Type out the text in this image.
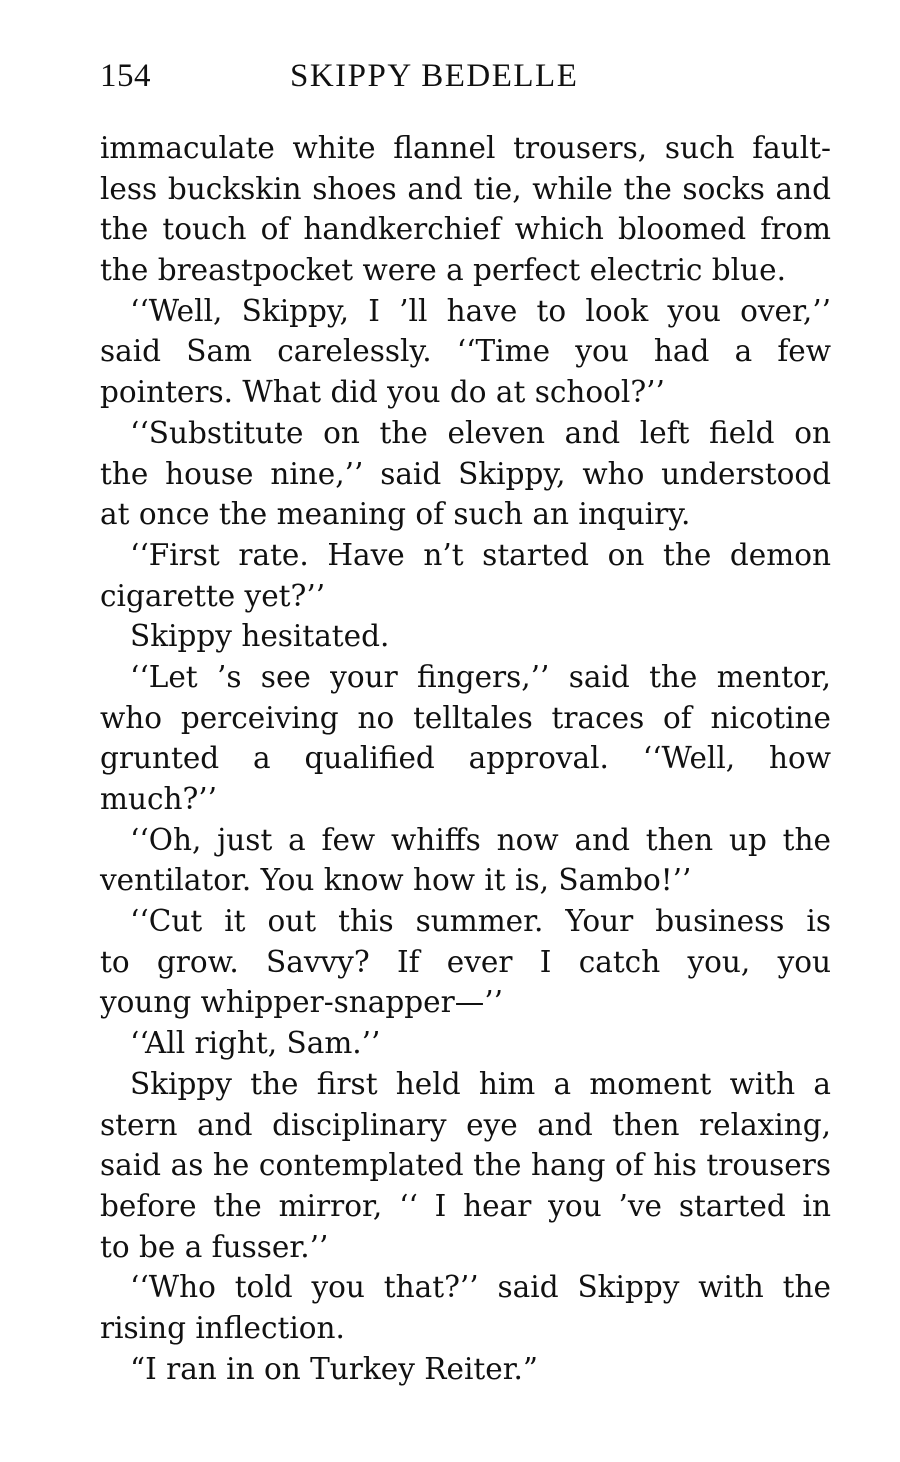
154	SKIPPY BEDELLE
immaculate white flannel trousers, such fault-
less buckskin shoes and tie, while the socks and
the touch of handkerchief which bloomed from
the breastpocket were a perfect electric blue.
‘‘Well, Skippy, I ’ll have to look you over,’’
said Sam carelessly. ‘‘Time you had a few
pointers. What did you do at school?’’
‘‘Substitute on the eleven and left field on
the house nine,’’ said Skippy, who understood
at once the meaning of such an inquiry.
‘‘First rate. Have n’t started on the demon
cigarette yet?’’
Skippy hesitated.
‘‘Let ’s see your fingers,’’ said the mentor,
who perceiving no telltales traces of nicotine
grunted a qualified approval. ‘‘Well, how
much?’’
‘‘Oh, just a few whiffs now and then up the
ventilator. You know how it is, Sambo!’’
‘‘Cut it out this summer. Your business is
to grow. Savvy? If ever I catch you, you
young whipper-snapper—’’
‘‘All right, Sam.’’
Skippy the first held him a moment with a
stern and disciplinary eye and then relaxing,
said as he contemplated the hang of his trousers
before the mirror, ‘‘ I hear you ’ve started in
to be a fusser.’’
‘‘Who told you that?’’ said Skippy with the
rising inflection.
“I ran in on Turkey Reiter.”
